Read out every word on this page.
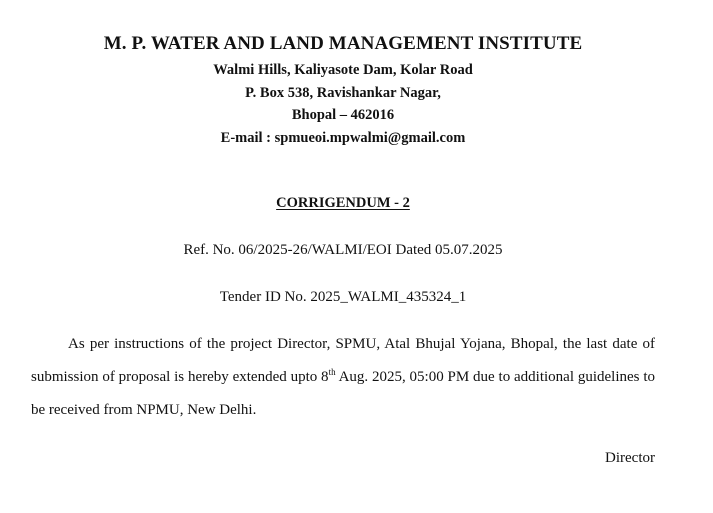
M. P. WATER AND LAND MANAGEMENT INSTITUTE
Walmi Hills, Kaliyasote Dam, Kolar Road
P. Box 538, Ravishankar Nagar,
Bhopal – 462016
E-mail : spmueoi.mpwalmi@gmail.com
CORRIGENDUM - 2
Ref. No. 06/2025-26/WALMI/EOI Dated 05.07.2025
Tender ID No. 2025_WALMI_435324_1
As per instructions of the project Director, SPMU, Atal Bhujal Yojana, Bhopal, the last date of
submission of proposal is hereby extended upto 8th Aug. 2025, 05:00 PM due to additional guidelines to
be received from NPMU, New Delhi.
Director
